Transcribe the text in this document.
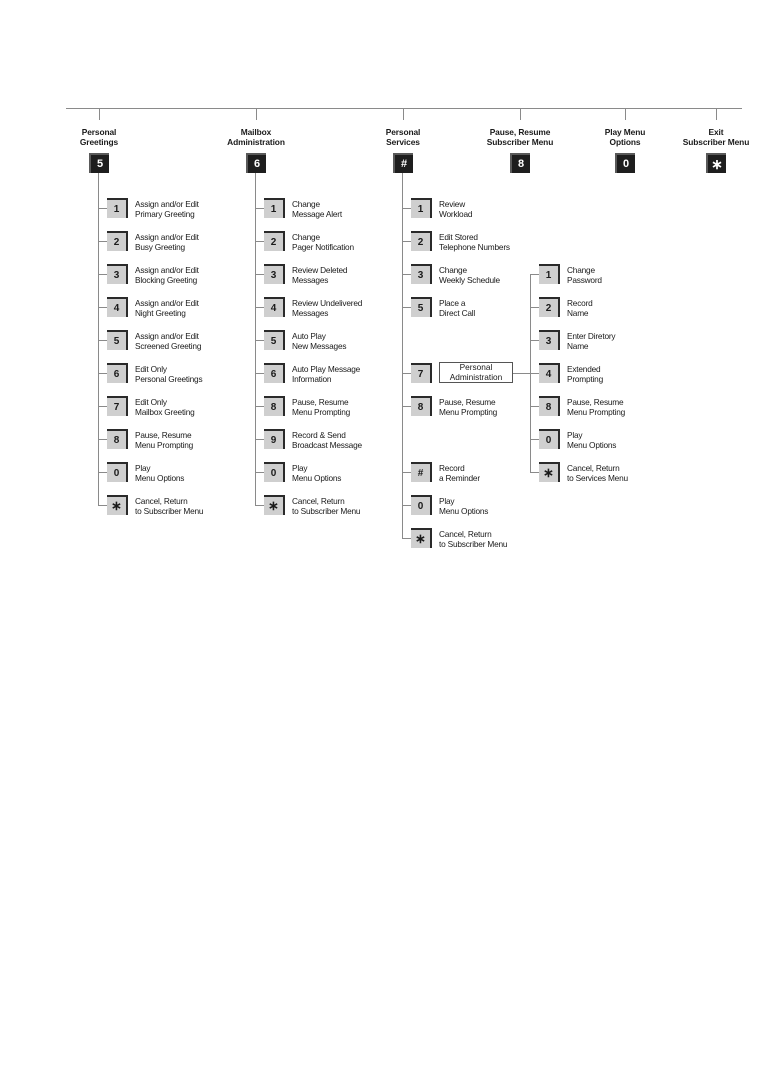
Personal
Greetings
5
1	Assign and/or Edit
Primary Greeting
2	Assign and/or Edit
Busy Greeting
3	Assign and/or Edit
Blocking Greeting
4	Assign and/or Edit
Night Greeting
5	Assign and/or Edit
Screened Greeting
6	Edit Only
Personal Greetings
7	Edit Only
Mailbox Greeting
8	Pause, Resume
Menu Prompting
0	Play
Menu Options
∗	Cancel, Return
to Subscriber Menu
Mailbox
Administration
6
1	Change
Message Alert
2	Change
Pager Notification
3	Review Deleted
Messages
4	Review Undelivered
Messages
5	Auto Play
New Messages
6	Auto Play Message
Information
8	Pause, Resume
Menu Prompting
9	Record & Send
Broadcast Message
0	Play
Menu Options
∗	Cancel, Return
to Subscriber Menu
Personal
Services
#
1	Review
Workload
2	Edit Stored
Telephone Numbers
3	Change
Weekly Schedule
5	Place a
Direct Call
7
Personal
Administration
8	Pause, Resume
Menu Prompting
#	Record
a Reminder
0	Play
Menu Options
∗	Cancel, Return
to Subscriber Menu
1	Change
Password
2	Record
Name
3	Enter Diretory
Name
4	Extended
Prompting
8	Pause, Resume
Menu Prompting
0	Play
Menu Options
∗	Cancel, Return
to Services Menu
Pause, Resume
Subscriber Menu
8
Play Menu
Options
0
Exit
Subscriber Menu
∗
